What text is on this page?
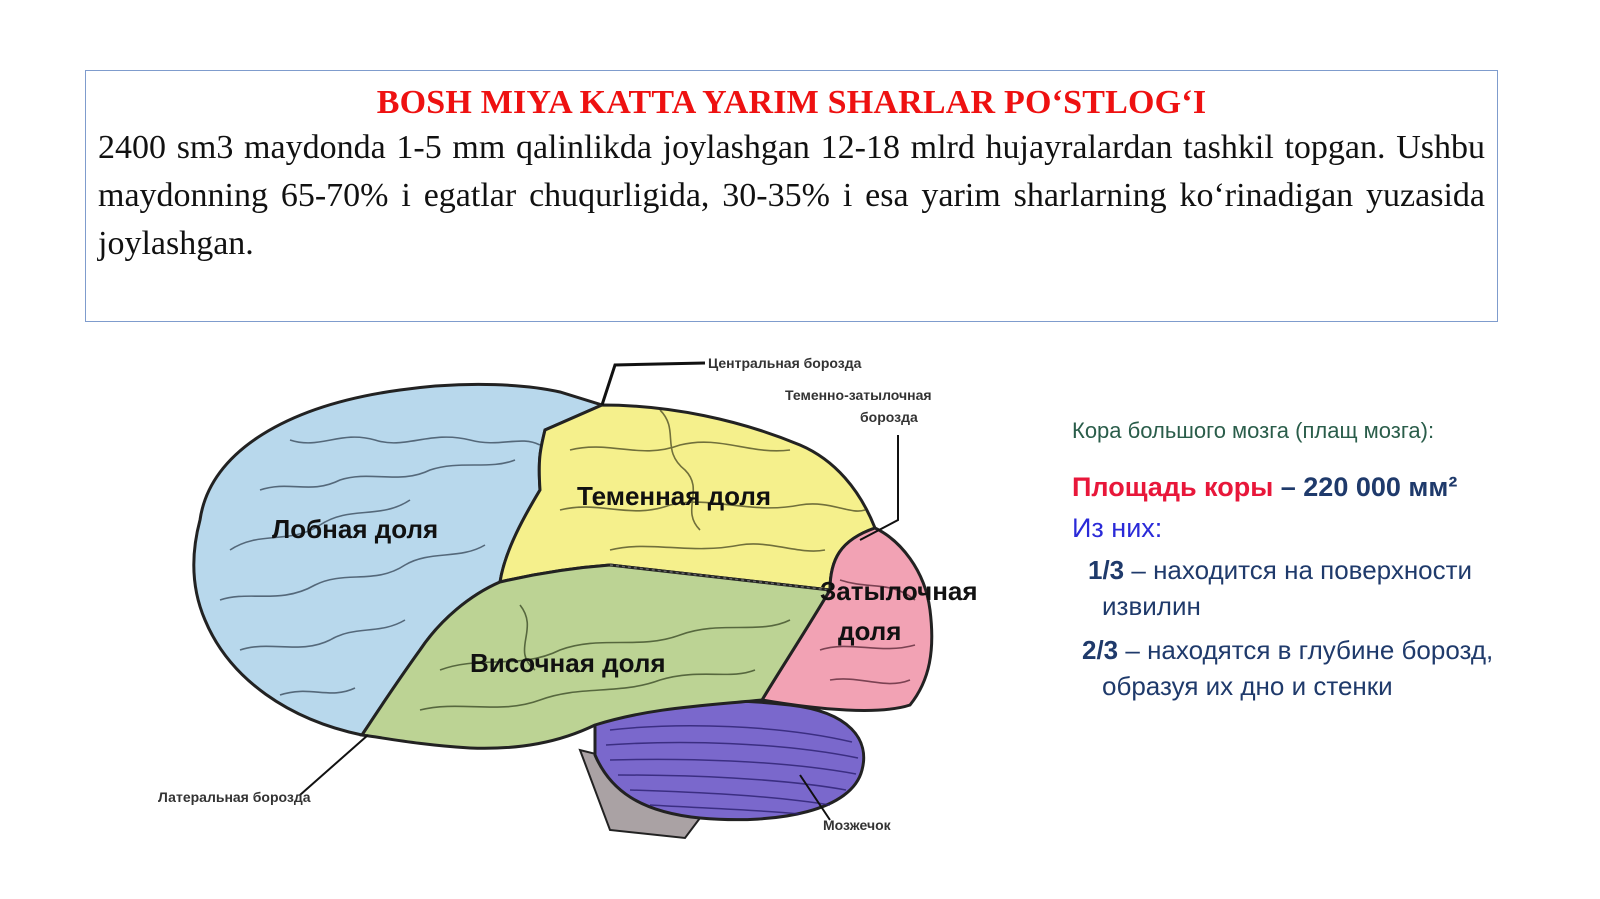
BOSH MIYA KATTA YARIM SHARLAR PO‘STLOG‘I
2400 sm3 maydonda 1-5 mm qalinlikda joylashgan 12-18 mlrd hujayralardan tashkil topgan. Ushbu maydonning 65-70% i egatlar chuqurligida, 30-35% i esa yarim sharlarning ko‘rinadigan yuzasida joylashgan.
Центральная борозда
Теменно-затылочная
борозда
Латеральная борозда
Мозжечок
Лобная доля
Теменная доля
Височная доля
Затылочная
доля
Кора большого мозга (плащ мозга):
Площадь коры – 220 000 мм²
Из них:
1/3 – находится на поверхности
извилин
2/3 – находятся в глубине борозд,
образуя их дно и стенки
